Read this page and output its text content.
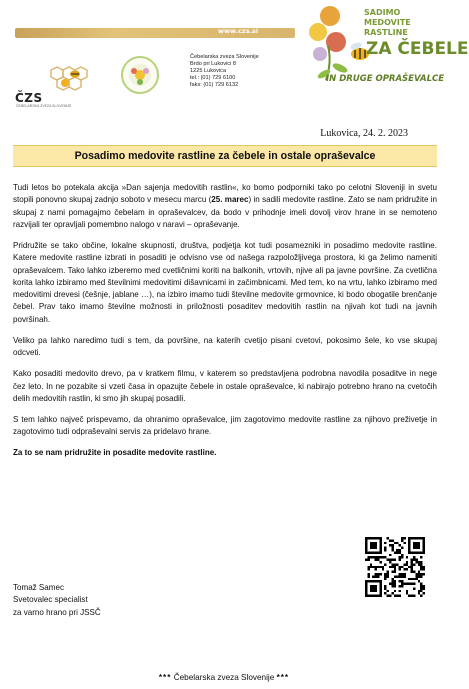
www.czs.si
ČZS
ČEBELARSKA ZVEZA SLOVENIJE
Čebelarska zveza Slovenije
Brdo pri Lukovici 8
1225 Lukovica
tel.: (01) 729 6100
faks: (01) 729 6132
SADIMO
MEDOVITE
RASTLINE
ZA ČEBELE
IN DRUGE OPRAŠEVALCE
Lukovica, 24. 2. 2023
Posadimo medovite rastline za čebele in ostale opraševalce

Tudi letos bo potekala akcija »Dan sajenja medovitih rastlin«, ko bomo podporniki tako po celotni Sloveniji in svetu stopili ponovno skupaj zadnjo soboto v mesecu marcu (25. marec) in sadili medovite rastline. Zato se nam pridružite in skupaj z nami pomagajmo čebelam in opraševalcev, da bodo v prihodnje imeli dovolj virov hrane in se nemoteno razvijali ter opravljali pomembno nalogo v naravi – opraševanje.

Pridružite se tako občine, lokalne skupnosti, društva, podjetja kot tudi posamezniki in posadimo medovite rastline. Katere medovite rastline izbrati in posaditi je odvisno vse od našega razpoložljivega prostora, ki ga želimo nameniti opraševalcem. Tako lahko izberemo med cvetličnimi koriti na balkonih, vrtovih, njive ali pa javne površine. Za cvetlična korita lahko izbiramo med številnimi medovitimi dišavnicami in začimbnicami. Med tem, ko na vrtu, lahko izbiramo med medovitimi drevesi (češnje, jablane …), na izbiro imamo tudi številne medovite grmovnice, ki bodo obogatile brenčanje čebel. Prav tako imamo številne možnosti in priložnosti posaditev medovitih rastlin na njivah kot tudi na javnih površinah.

Veliko pa lahko naredimo tudi s tem, da površine, na katerih cvetijo pisani cvetovi, pokosimo šele, ko vse skupaj odcveti.

Kako posaditi medovito drevo, pa v kratkem filmu, v katerem so predstavljena podrobna navodila posaditve in nege čez leto. In ne pozabite si vzeti časa in opazujte čebele in ostale opraševalce, ki nabirajo potrebno hrano na cvetočih delih medovitih rastlin, ki smo jih skupaj posadili.

S tem lahko največ prispevamo, da ohranimo opraševalce, jim zagotovimo medovite rastline za njihovo preživetje in zagotovimo tudi odpraševalni servis za pridelavo hrane.

Za to se nam pridružite in posadite medovite rastline.

Tomaž Samec
Svetovalec specialist
za varno hrano pri JSSČ
*** Čebelarska zveza Slovenije ***
